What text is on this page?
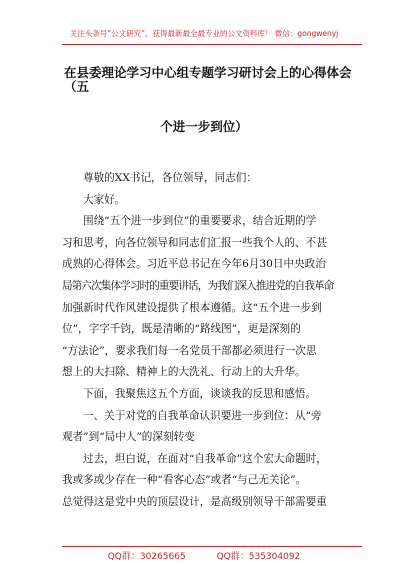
关注头条号“公文研究”，获得最新最全最专业的公文资料库！ 微信：gongwenyj
在县委理论学习中心组专题学习研讨会上的心得体会（五
个进一步到位）

尊敬的XX书记，各位领导，同志们：

大家好。

围绕“五个进一步到位”的重要要求，结合近期的学

习和思考，向各位领导和同志们汇报一些我个人的、不甚

成熟的心得体会。习近平总书记在今年6月30日中央政治

局第六次集体学习时的重要讲话，为我们深入推进党的自我革命

加强新时代作风建设提供了根本遵循。这“五个进一步到

位”，字字千钧，既是清晰的“路线图”，更是深刻的

“方法论”，要求我们每一名党员干部都必须进行一次思

想上的大扫除、精神上的大洗礼、行动上的大升华。

下面，我聚焦这五个方面，谈谈我的反思和感悟。

一、关于对党的自我革命认识要进一步到位：从“旁

观者”到“局中人”的深刻转变

过去，坦白说，在面对“自我革命”这个宏大命题时，

我或多或少存在一种“看客心态”或者“与己无关论”。

总觉得这是党中央的顶层设计，是高级别领导干部需要重

QQ群：30265665	QQ群：535304092
